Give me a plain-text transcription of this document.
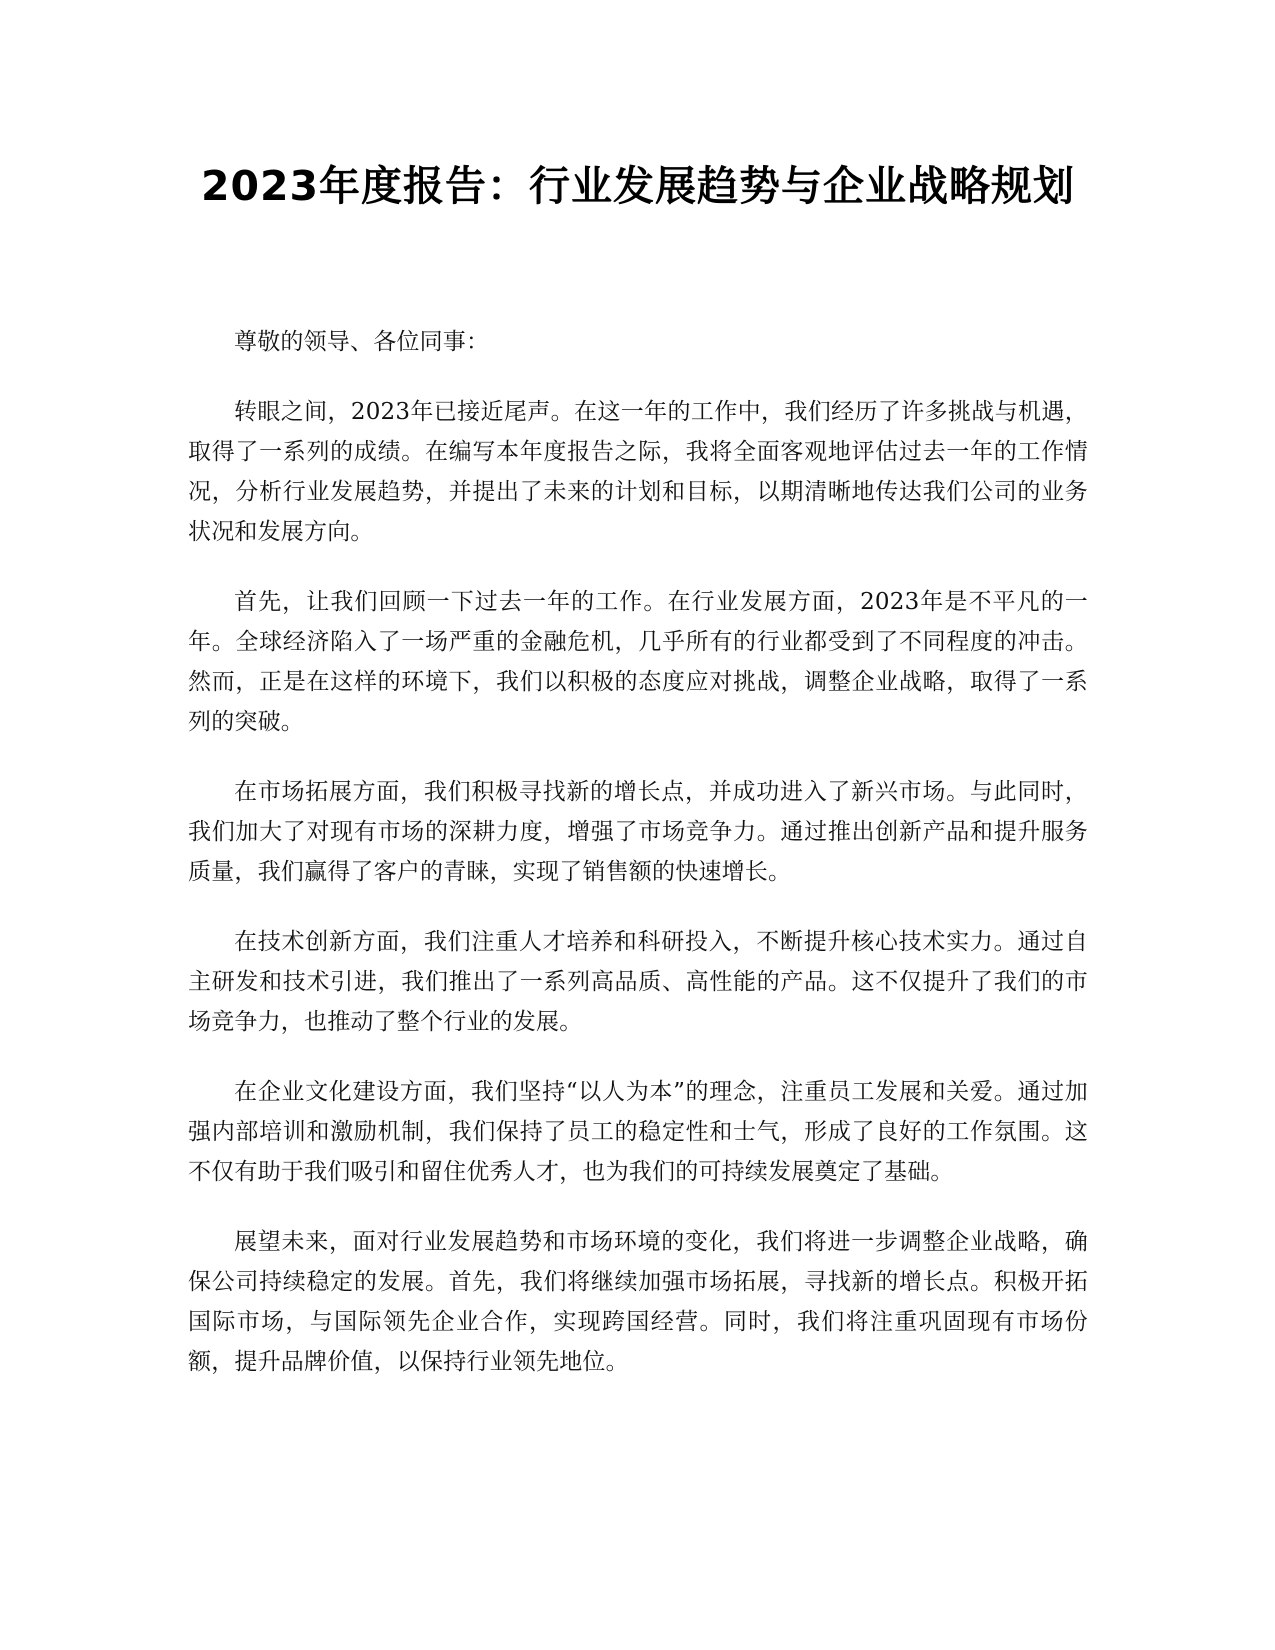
2023年度报告：行业发展趋势与企业战略规划

尊敬的领导、各位同事：

转眼之间，2023年已接近尾声。在这一年的工作中，我们经历了许多挑战与机遇，取得了一系列的成绩。在编写本年度报告之际，我将全面客观地评估过去一年的工作情况，分析行业发展趋势，并提出了未来的计划和目标，以期清晰地传达我们公司的业务状况和发展方向。

首先，让我们回顾一下过去一年的工作。在行业发展方面，2023年是不平凡的一年。全球经济陷入了一场严重的金融危机，几乎所有的行业都受到了不同程度的冲击。然而，正是在这样的环境下，我们以积极的态度应对挑战，调整企业战略，取得了一系列的突破。

在市场拓展方面，我们积极寻找新的增长点，并成功进入了新兴市场。与此同时，我们加大了对现有市场的深耕力度，增强了市场竞争力。通过推出创新产品和提升服务质量，我们赢得了客户的青睐，实现了销售额的快速增长。

在技术创新方面，我们注重人才培养和科研投入，不断提升核心技术实力。通过自主研发和技术引进，我们推出了一系列高品质、高性能的产品。这不仅提升了我们的市场竞争力，也推动了整个行业的发展。

在企业文化建设方面，我们坚持“以人为本”的理念，注重员工发展和关爱。通过加强内部培训和激励机制，我们保持了员工的稳定性和士气，形成了良好的工作氛围。这不仅有助于我们吸引和留住优秀人才，也为我们的可持续发展奠定了基础。

展望未来，面对行业发展趋势和市场环境的变化，我们将进一步调整企业战略，确保公司持续稳定的发展。首先，我们将继续加强市场拓展，寻找新的增长点。积极开拓国际市场，与国际领先企业合作，实现跨国经营。同时，我们将注重巩固现有市场份额，提升品牌价值，以保持行业领先地位。
